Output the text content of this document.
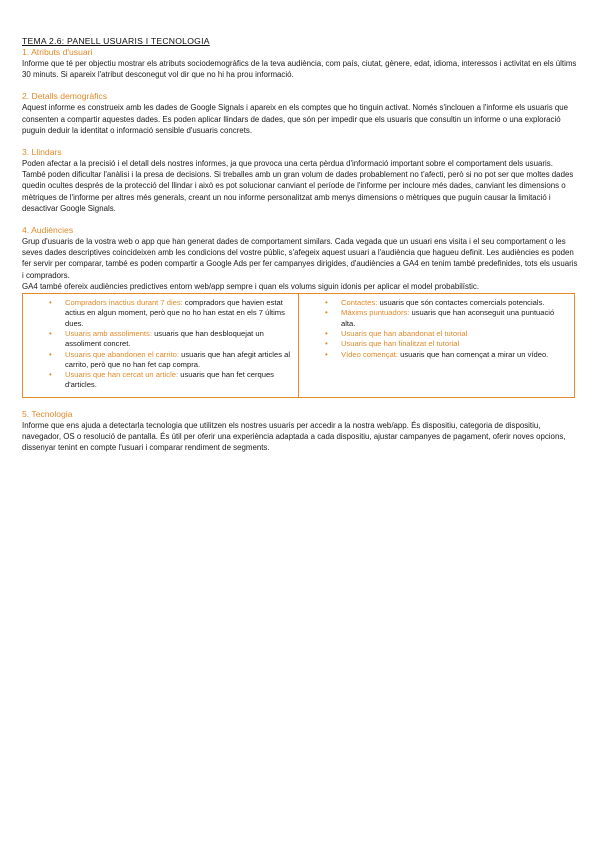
TEMA 2.6: PANELL USUARIS I TECNOLOGIA
1. Atributs d'usuari

Informe que té per objectiu mostrar els atributs sociodemogràfics de la teva audiència, com país, ciutat, gènere, edat, idioma, interessos i activitat en els últims 30 minuts. Si apareix l'atribut desconegut vol dir que no hi ha prou informació.

2. Detalls demogràfics

Aquest informe es construeix amb les dades de Google Signals i apareix en els comptes que ho tinguin activat. Només s'inclouen a l'informe els usuaris que consenten a compartir aquestes dades. Es poden aplicar llindars de dades, que són per impedir que els usuaris que consultin un informe o una exploració puguin deduir la identitat o informació sensible d'usuaris concrets.

3. Llindars

Poden afectar a la precisió i el detall dels nostres informes, ja que provoca una certa pèrdua d'informació important sobre el comportament dels usuaris. També poden dificultar l'anàlisi i la presa de decisions. Si treballes amb un gran volum de dades probablement no t'afecti, però si no pot ser que moltes dades quedin ocultes després de la protecció del llindar i això es pot solucionar canviant el període de l'informe per incloure més dades, canviant les dimensions o mètriques de l'informe per altres més generals, creant un nou informe personalitzat amb menys dimensions o mètriques que puguin causar la limitació i desactivar Google Signals.

4. Audiències

Grup d'usuaris de la vostra web o app que han generat dades de comportament similars. Cada vegada que un usuari ens visita i el seu comportament o les seves dades descriptives coincideixen amb les condicions del vostre públic, s'afegeix aquest usuari a l'audiència que hagueu definit. Les audiències es poden fer servir per comparar, també es poden compartir a Google Ads per fer campanyes dirigides, d'audiències a GA4 en tenim també predefinides, tots els usuaris i compradors.

GA4 també ofereix audiències predictives entorn web/app sempre i quan els volums siguin idonis per aplicar el model probabilístic.

• Compradors inactius durant 7 dies: compradors que havien estat actius en algun moment, però que no ho han estat en els 7 últims dues.
• Usuaris amb assoliments: usuaris que han desbloquejat un assoliment concret.
• Usuaris que abandonen el carrito: usuaris que han afegit articles al carrito, però que no han fet cap compra.
• Usuaris que han cercat un article: usuaris que han fet cerques d'articles.

• Contactes: usuaris que són contactes comercials potencials.
• Màxims puntuadors: usuaris que han aconseguit una puntuació alta.
• Usuaris que han abandonat el tutorial
• Usuaris que han finalitzat el tutorial
• Vídeo començat: usuaris que han començat a mirar un vídeo.
5. Tecnologia

Informe que ens ajuda a detectarla tecnologia que utilitzen els nostres usuaris per accedir a la nostra web/app. És dispositiu, categoria de dispositiu, navegador, OS o resolució de pantalla. És útil per oferir una experiència adaptada a cada dispositiu, ajustar campanyes de pagament, oferir noves opcions, dissenyar tenint en compte l'usuari i comparar rendiment de segments.
